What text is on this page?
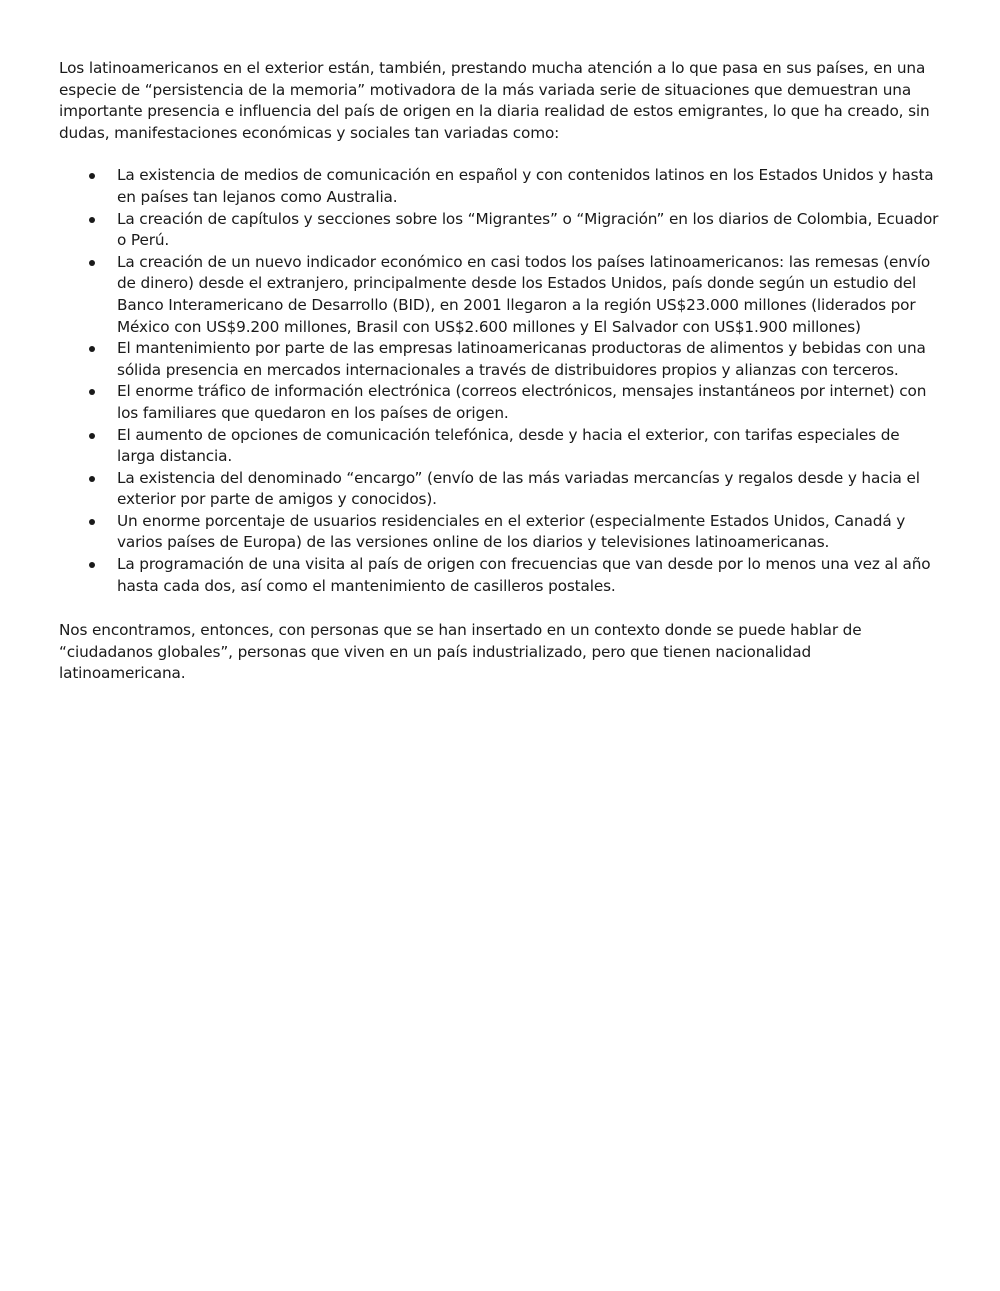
Los latinoamericanos en el exterior están, también, prestando mucha atención a lo que pasa en sus países, en una especie de “persistencia de la memoria” motivadora de la más variada serie de situaciones que demuestran una importante presencia e influencia del país de origen en la diaria realidad de estos emigrantes, lo que ha creado, sin dudas, manifestaciones económicas y sociales tan variadas como:

La existencia de medios de comunicación en español y con contenidos latinos en los Estados Unidos y hasta en países tan lejanos como Australia.
La creación de capítulos y secciones sobre los “Migrantes” o “Migración” en los diarios de Colombia, Ecuador o Perú.
La creación de un nuevo indicador económico en casi todos los países latinoamericanos: las remesas (envío de dinero) desde el extranjero, principalmente desde los Estados Unidos, país donde según un estudio del Banco Interamericano de Desarrollo (BID), en 2001 llegaron a la región US$23.000 millones (liderados por México con US$9.200 millones, Brasil con US$2.600 millones y El Salvador con US$1.900 millones)
El mantenimiento por parte de las empresas latinoamericanas productoras de alimentos y bebidas con una sólida presencia en mercados internacionales a través de distribuidores propios y alianzas con terceros.
El enorme tráfico de información electrónica (correos electrónicos, mensajes instantáneos por internet) con los familiares que quedaron en los países de origen.
El aumento de opciones de comunicación telefónica, desde y hacia el exterior, con tarifas especiales de larga distancia.
La existencia del denominado “encargo” (envío de las más variadas mercancías y regalos desde y hacia el exterior por parte de amigos y conocidos).
Un enorme porcentaje de usuarios residenciales en el exterior (especialmente Estados Unidos, Canadá y varios países de Europa) de las versiones online de los diarios y televisiones latinoamericanas.
La programación de una visita al país de origen con frecuencias que van desde por lo menos una vez al año hasta cada dos, así como el mantenimiento de casilleros postales.

Nos encontramos, entonces, con personas que se han insertado en un contexto donde se puede hablar de “ciudadanos globales”, personas que viven en un país industrializado, pero que tienen nacionalidad latinoamericana.
